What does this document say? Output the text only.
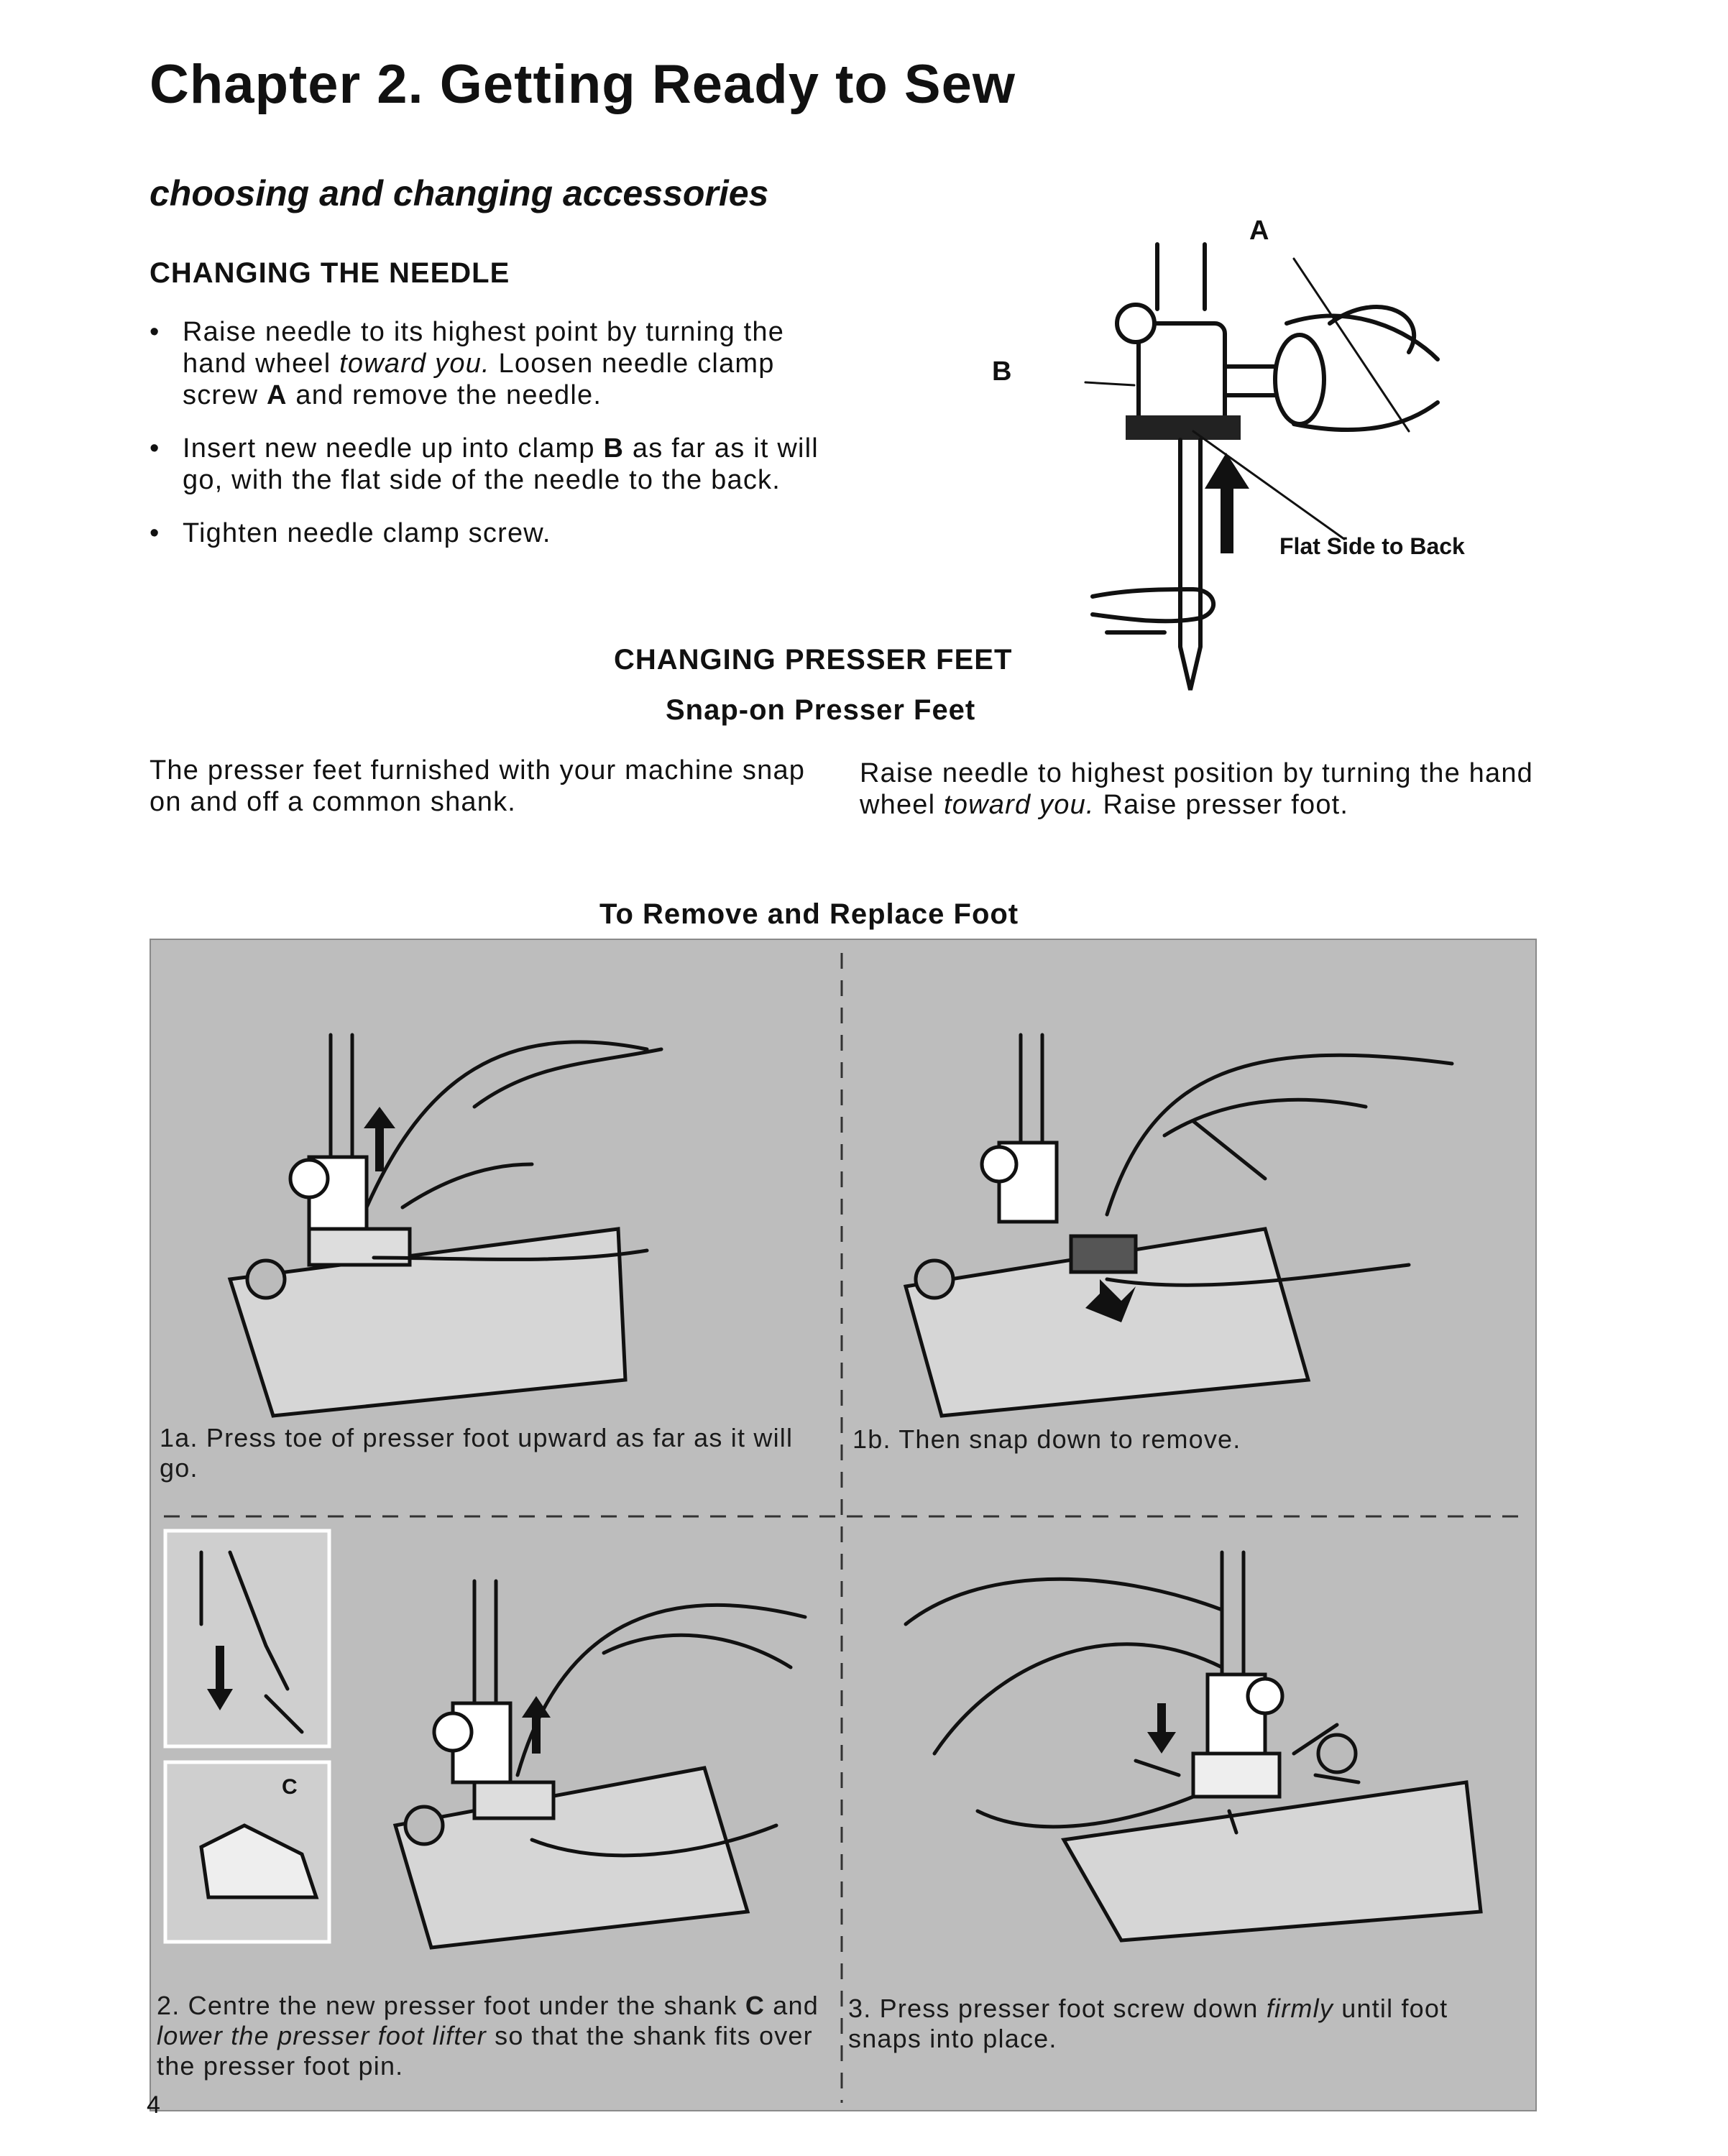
Chapter 2. Getting Ready to Sew
choosing and changing accessories
CHANGING THE NEEDLE
• Raise needle to its highest point by turning the hand wheel toward you. Loosen needle clamp screw A and remove the needle.
• Insert new needle up into clamp B as far as it will go, with the flat side of the needle to the back.
• Tighten needle clamp screw.
A
B
Flat Side to Back
CHANGING PRESSER FEET
Snap-on Presser Feet
The presser feet furnished with your machine snap on and off a common shank.
Raise needle to highest position by turning the hand wheel toward you. Raise presser foot.
To Remove and Replace Foot
C
1a. Press toe of presser foot upward as far as it will go.
1b. Then snap down to remove.
2. Centre the new presser foot under the shank C and lower the presser foot lifter so that the shank fits over the presser foot pin.
3. Press presser foot screw down firmly until foot snaps into place.
4
